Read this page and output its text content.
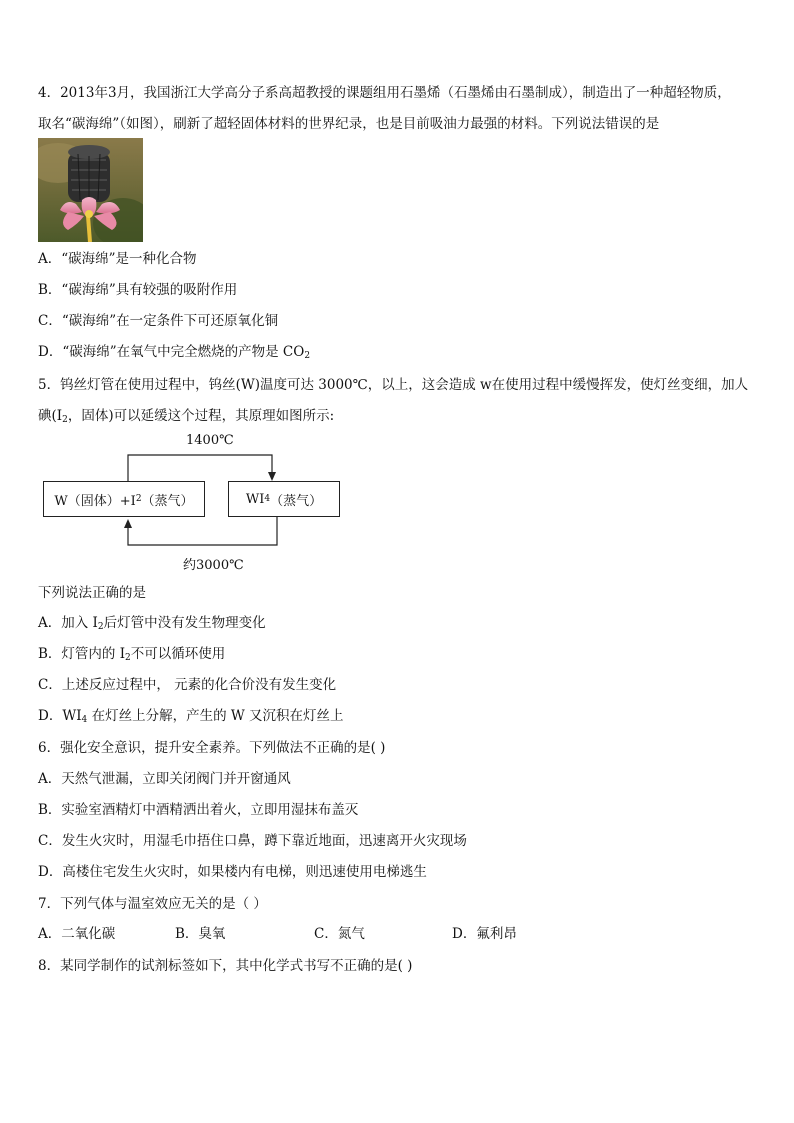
4．2013年3月，我国浙江大学高分子系高超教授的课题组用石墨烯（石墨烯由石墨制成），制造出了一种超轻物质，
取名“碳海绵”（如图），刷新了超轻固体材料的世界纪录，也是目前吸油力最强的材料。下列说法错误的是
A．“碳海绵”是一种化合物
B．“碳海绵”具有较强的吸附作用
C．“碳海绵”在一定条件下可还原氧化铜
D．“碳海绵”在氧气中完全燃烧的产物是 $CO_2$
5．钨丝灯管在使用过程中，钨丝(W)温度可达 3000℃，以上，这会造成 w在使用过程中缓慢挥发，使灯丝变细，加人
碘($I_2$，固体)可以延缓这个过程，其原理如图所示:
1400℃
W（固体）+I 2 （蒸气）	WI 4 （蒸气）
约3000℃
下列说法正确的是
A．加入 $I_2$后灯管中没有发生物理变化
B．灯管内的 $I_2$不可以循环使用
C．上述反应过程中， 元素的化合价没有发生变化
D．$WI_4$ 在灯丝上分解，产生的 W 又沉积在灯丝上
6．强化安全意识，提升安全素养。下列做法不正确的是( )
A．天然气泄漏，立即关闭阀门并开窗通风
B．实验室酒精灯中酒精洒出着火，立即用湿抹布盖灭
C．发生火灾时，用湿毛巾捂住口鼻，蹲下靠近地面，迅速离开火灾现场
D．高楼住宅发生火灾时，如果楼内有电梯，则迅速使用电梯逃生
7．下列气体与温室效应无关的是（ ）
A．二氧化碳	B．臭氧	C．氮气	D．氟利昂
8．某同学制作的试剂标签如下，其中化学式书写不正确的是( )
